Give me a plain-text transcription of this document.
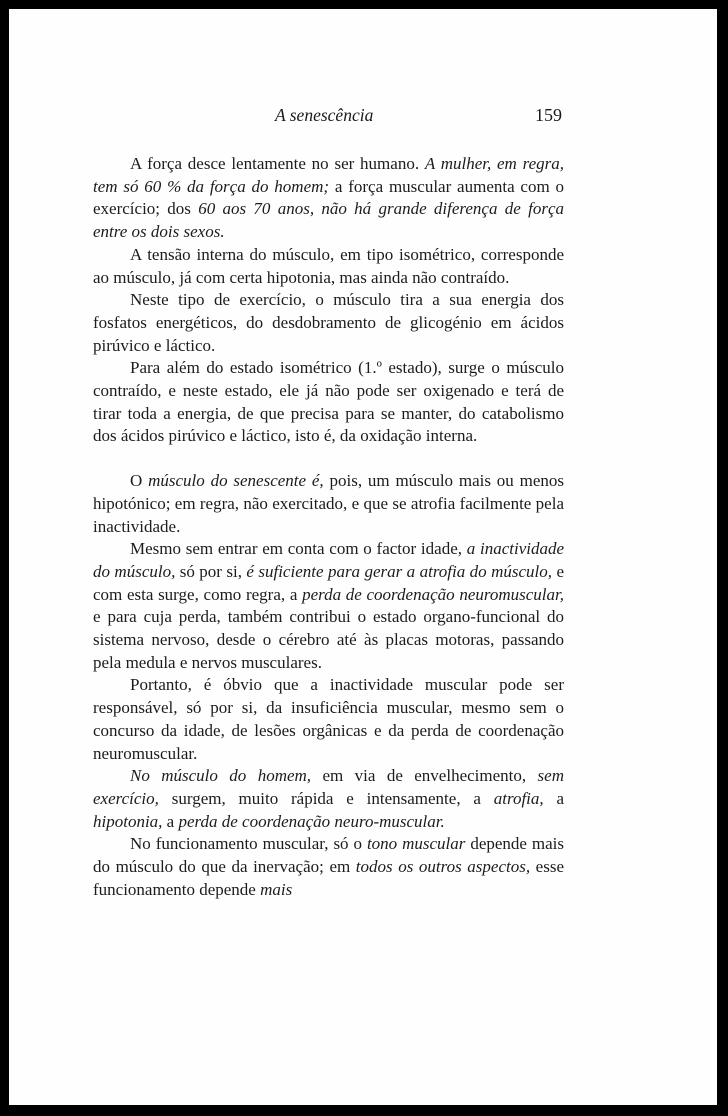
A senescência	159

A força desce lentamente no ser humano. A mulher, em regra, tem só 60 % da força do homem; a força muscular aumenta com o exercício; dos 60 aos 70 anos, não há grande diferença de força entre os dois sexos.

A tensão interna do músculo, em tipo isométrico, corresponde ao músculo, já com certa hipotonia, mas ainda não contraído.

Neste tipo de exercício, o músculo tira a sua energia dos fosfatos energéticos, do desdobramento de glicogénio em ácidos pirúvico e láctico.

Para além do estado isométrico (1.º estado), surge o músculo contraído, e neste estado, ele já não pode ser oxigenado e terá de tirar toda a energia, de que precisa para se manter, do catabolismo dos ácidos pirúvico e láctico, isto é, da oxidação interna.

O músculo do senescente é, pois, um músculo mais ou menos hipotónico; em regra, não exercitado, e que se atrofia facilmente pela inactividade.

Mesmo sem entrar em conta com o factor idade, a inactividade do músculo, só por si, é suficiente para gerar a atrofia do músculo, e com esta surge, como regra, a perda de coordenação neuromuscular, e para cuja perda, também contribui o estado organo-funcional do sistema nervoso, desde o cérebro até às placas motoras, passando pela medula e nervos musculares.

Portanto, é óbvio que a inactividade muscular pode ser responsável, só por si, da insuficiência muscular, mesmo sem o concurso da idade, de lesões orgânicas e da perda de coordenação neuromuscular.

No músculo do homem, em via de envelhecimento, sem exercício, surgem, muito rápida e intensamente, a atrofia, a hipotonia, a perda de coordenação neuro-muscular.

No funcionamento muscular, só o tono muscular depende mais do músculo do que da inervação; em todos os outros aspectos, esse funcionamento depende mais
